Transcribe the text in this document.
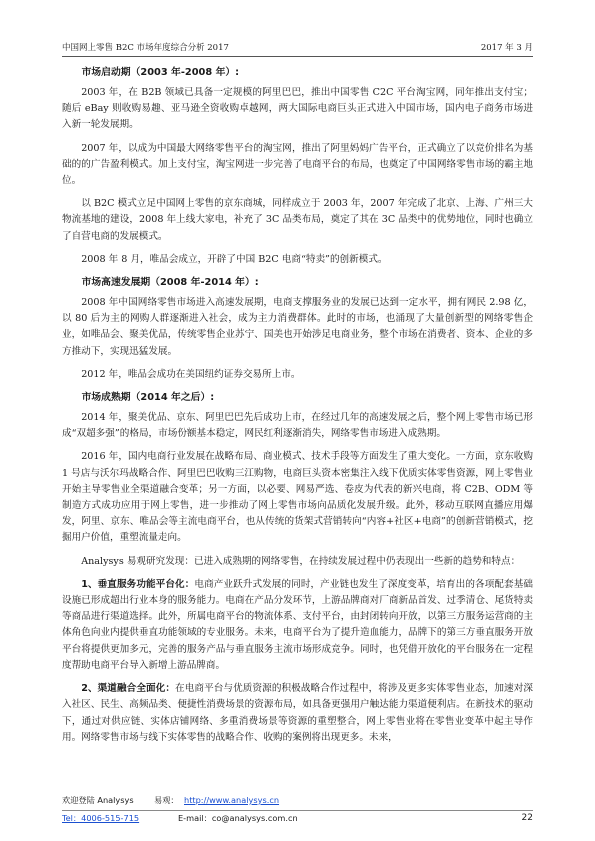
中国网上零售 B2C 市场年度综合分析 2017	2017 年 3 月
市场启动期（2003 年-2008 年）:

2003 年，在 B2B 领域已具备一定规模的阿里巴巴，推出中国零售 C2C 平台淘宝网，同年推出支付宝； 随后 eBay 则收购易趣、亚马逊全资收购卓越网，两大国际电商巨头正式进入中国市场，国内电子商务市场进入新一轮发展期。

2007 年，以成为中国最大网络零售平台的淘宝网，推出了阿里妈妈广告平台，正式确立了以竞价排名为基础的的广告盈利模式。加上支付宝，淘宝网进一步完善了电商平台的布局，也奠定了中国网络零售市场的霸主地位。

以 B2C 模式立足中国网上零售的京东商城，同样成立于 2003 年，2007 年完成了北京、上海、广州三大物流基地的建设，2008 年上线大家电，补充了 3C 品类布局，奠定了其在 3C 品类中的优势地位，同时也确立了自营电商的发展模式。

2008 年 8 月，唯品会成立，开辟了中国 B2C 电商“特卖”的创新模式。

市场高速发展期（2008 年-2014 年）:

2008 年中国网络零售市场进入高速发展期，电商支撑服务业的发展已达到一定水平，拥有网民 2.98 亿，以 80 后为主的网购人群逐渐进入社会，成为主力消费群体。此时的市场，也涌现了大量创新型的网络零售企业，如唯品会、聚美优品，传统零售企业苏宁、国美也开始涉足电商业务，整个市场在消费者、资本、企业的多方推动下，实现迅猛发展。

2012 年，唯品会成功在美国纽约证券交易所上市。

市场成熟期（2014 年之后）:

2014 年，聚美优品、京东、阿里巴巴先后成功上市，在经过几年的高速发展之后，整个网上零售市场已形成“双超多强”的格局，市场份额基本稳定，网民红利逐渐消失，网络零售市场进入成熟期。

2016 年，国内电商行业发展在战略布局、商业模式、技术手段等方面发生了重大变化。一方面，京东收购 1 号店与沃尔玛战略合作、阿里巴巴收购三江购物，电商巨头资本密集注入线下优质实体零售资源，网上零售业开始主导零售业全渠道融合变革；另一方面，以必要、网易严选、卷皮为代表的新兴电商，将 C2B、ODM 等制造方式成功应用于网上零售，进一步推动了网上零售市场向品质化发展升级。此外，移动互联网直播应用爆发，阿里、京东、唯品会等主流电商平台，也从传统的货架式营销转向“内容+社区+电商”的创新营销模式，挖掘用户价值，重塑流量走向。

Analysys 易观研究发现：已进入成熟期的网络零售，在持续发展过程中仍表现出一些新的趋势和特点：

1、垂直服务功能平台化：电商产业跃升式发展的同时，产业链也发生了深度变革，培育出的各项配套基础设施已形成超出行业本身的服务能力。电商在产品分发环节，上游品牌商对厂商新品首发、过季清仓、尾货特卖等商品进行渠道选择。此外，所属电商平台的物流体系、支付平台，由封闭转向开放，以第三方服务运营商的主体角色向业内提供垂直功能领域的专业服务。未来，电商平台为了提升造血能力，品牌下的第三方垂直服务开放平台将提供更加多元，完善的服务产品与垂直服务主流市场形成竞争。同时，也凭借开放化的平台服务在一定程度帮助电商平台导入新增上游品牌商。

2、渠道融合全面化：在电商平台与优质资源的积极战略合作过程中，将涉及更多实体零售业态，加速对深入社区、民生、高频品类、便捷性消费场景的资源布局，如具备更强用户触达能力渠道便利店。在新技术的驱动下，通过对供应链、实体店铺网络、多重消费场景等资源的重塑整合，网上零售业将在零售业变革中起主导作用。网络零售市场与线下实体零售的战略合作、收购的案例将出现更多。未来，

欢迎登陆 Analysys 易观： http://www.analysys.cn
Tel：4006-515-715	E-mail：co@analysys.com.cn	22
